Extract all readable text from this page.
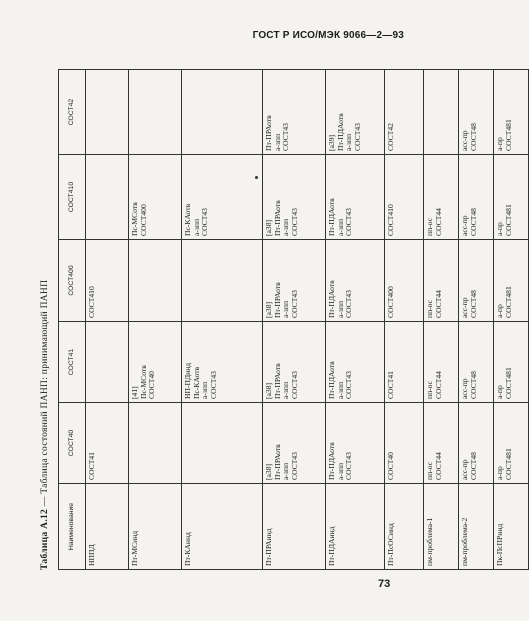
ГОСТ Р ИСО/МЭК 9066—2—93
Таблица А.12 — Таблица состояний ПАНП: принимающий ПАНП
Наименование	СОСТ40	СОСТ41	СОСТ400	СОСТ410	СОСТ42
НППД	СОСТ41		СОСТ410		

Пт-МСинд		[41] Пс-МСотв СОСТ40		Пс-МСотв СОСТ400	

Пт-КАинд		НП-ПДинд Пс-КАотв а-зпп СОСТ43		Пс-КАотв а-зпп СОСТ43	

Пт-ПРАинд	[а38] Пт-ПРАотв а-зпп СОСТ43	[а38] Пт-ПРАотв а-зпп СОСТ43	[а38] Пт-ПРАотв а-зпп СОСТ43	[а38] Пт-ПРАотв а-зпп СОСТ43	Пт-ПРАотв а-зпп СОСТ43

Пт-ПДАинд	Пт-ПДАотв а-зпп СОСТ43	Пт-ПДАотв а-зпп СОСТ43	Пт-ПДАотв а-зпп СОСТ43	Пт-ПДАотв а-зпп СОСТ43	[а39] Пт-ПДАотв а-зпп СОСТ43

Пт-ПсОСинд	СОСТ40	СОСТ41	СОСТ400	СОСТ410	СОСТ42

пм-проблема-1	пп-ос СОСТ44	пп-ос СОСТ44	пп-ос СОСТ44	пп-ос СОСТ44	

пм-проблема-2	асс-пр СОСТ48	асс-пр СОСТ48	асс-пр СОСТ48	асс-пр СОСТ48	асс-пр СОСТ48

Пк-ПсПРинд	а-пр СОСТ481	а-пр СОСТ481	а-пр СОСТ481	а-пр СОСТ481	а-пр СОСТ481
73
